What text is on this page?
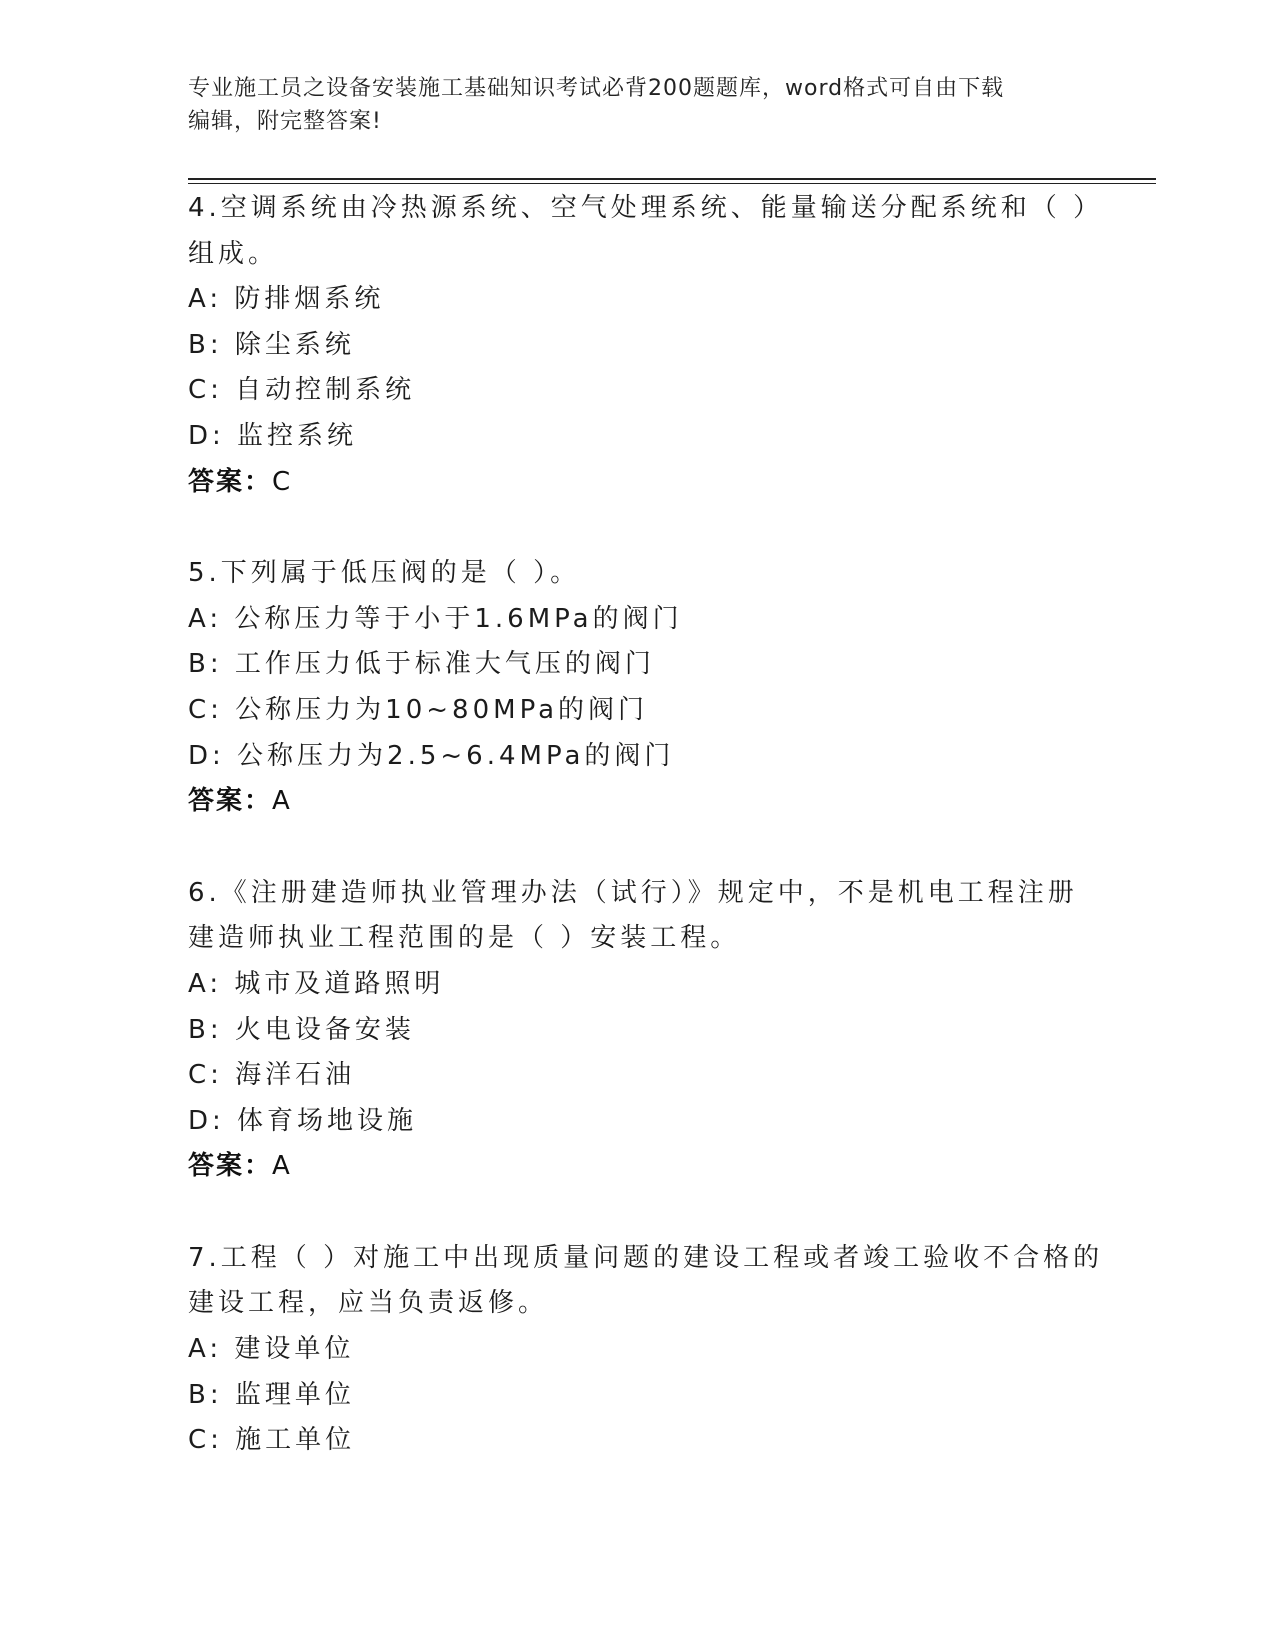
专业施工员之设备安装施工基础知识考试必背200题题库，word格式可自由下载
编辑，附完整答案!
4.空调系统由冷热源系统、空气处理系统、能量输送分配系统和（ ）
组成。
A: 防排烟系统
B: 除尘系统
C: 自动控制系统
D: 监控系统
答案：C
5.下列属于低压阀的是（ ）。
A: 公称压力等于小于1.6MPa的阀门
B: 工作压力低于标准大气压的阀门
C: 公称压力为10~80MPa的阀门
D: 公称压力为2.5~6.4MPa的阀门
答案：A
6.《注册建造师执业管理办法（试行）》规定中，不是机电工程注册
建造师执业工程范围的是（ ）安装工程。
A: 城市及道路照明
B: 火电设备安装
C: 海洋石油
D: 体育场地设施
答案：A
7.工程（ ）对施工中出现质量问题的建设工程或者竣工验收不合格的
建设工程，应当负责返修。
A: 建设单位
B: 监理单位
C: 施工单位
